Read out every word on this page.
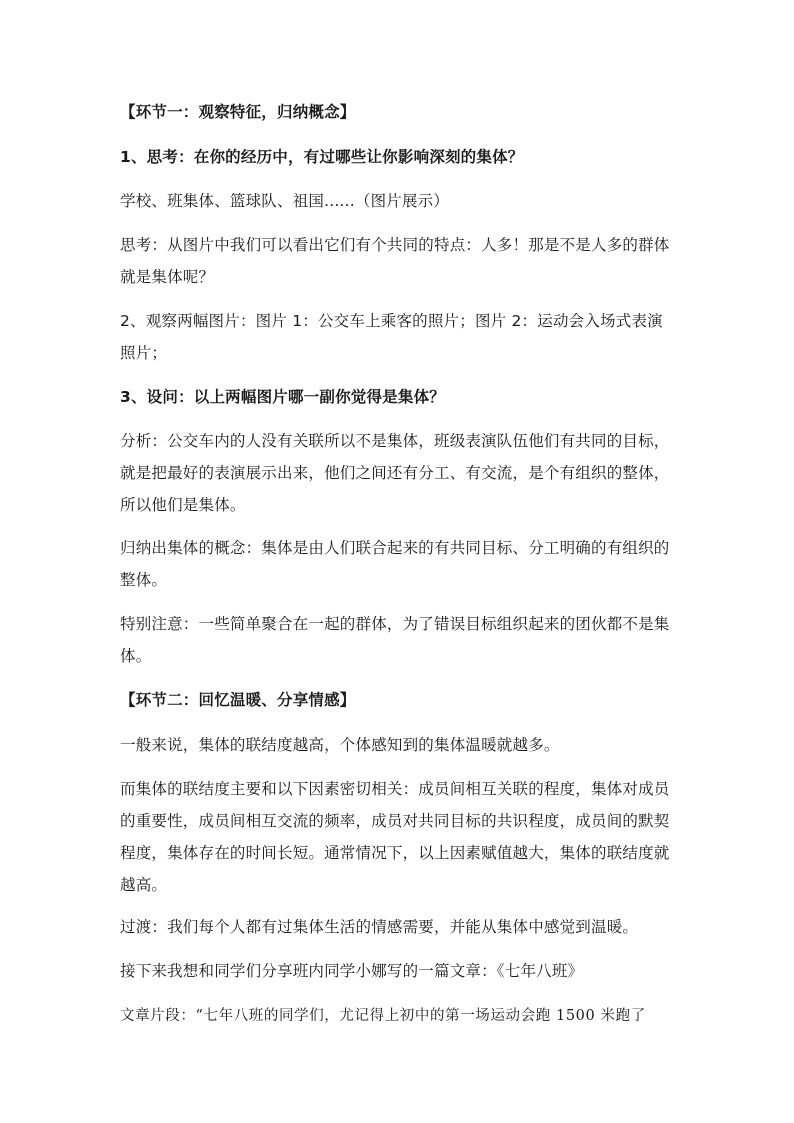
【环节一：观察特征，归纳概念】

1、思考：在你的经历中，有过哪些让你影响深刻的集体？

学校、班集体、篮球队、祖国......（图片展示）

思考：从图片中我们可以看出它们有个共同的特点：人多！那是不是人多的群体就是集体呢？

2、观察两幅图片：图片 1：公交车上乘客的照片；图片 2：运动会入场式表演照片；

3、设问：以上两幅图片哪一副你觉得是集体？

分析：公交车内的人没有关联所以不是集体，班级表演队伍他们有共同的目标，就是把最好的表演展示出来，他们之间还有分工、有交流，是个有组织的整体，所以他们是集体。

归纳出集体的概念：集体是由人们联合起来的有共同目标、分工明确的有组织的整体。

特别注意：一些简单聚合在一起的群体，为了错误目标组织起来的团伙都不是集体。

【环节二：回忆温暖、分享情感】

一般来说，集体的联结度越高，个体感知到的集体温暖就越多。

而集体的联结度主要和以下因素密切相关：成员间相互关联的程度，集体对成员的重要性，成员间相互交流的频率，成员对共同目标的共识程度，成员间的默契程度，集体存在的时间长短。通常情况下，以上因素赋值越大，集体的联结度就越高。

过渡：我们每个人都有过集体生活的情感需要，并能从集体中感觉到温暖。

接下来我想和同学们分享班内同学小娜写的一篇文章：《七年八班》

文章片段：“七年八班的同学们，尤记得上初中的第一场运动会跑 1500 米跑了
